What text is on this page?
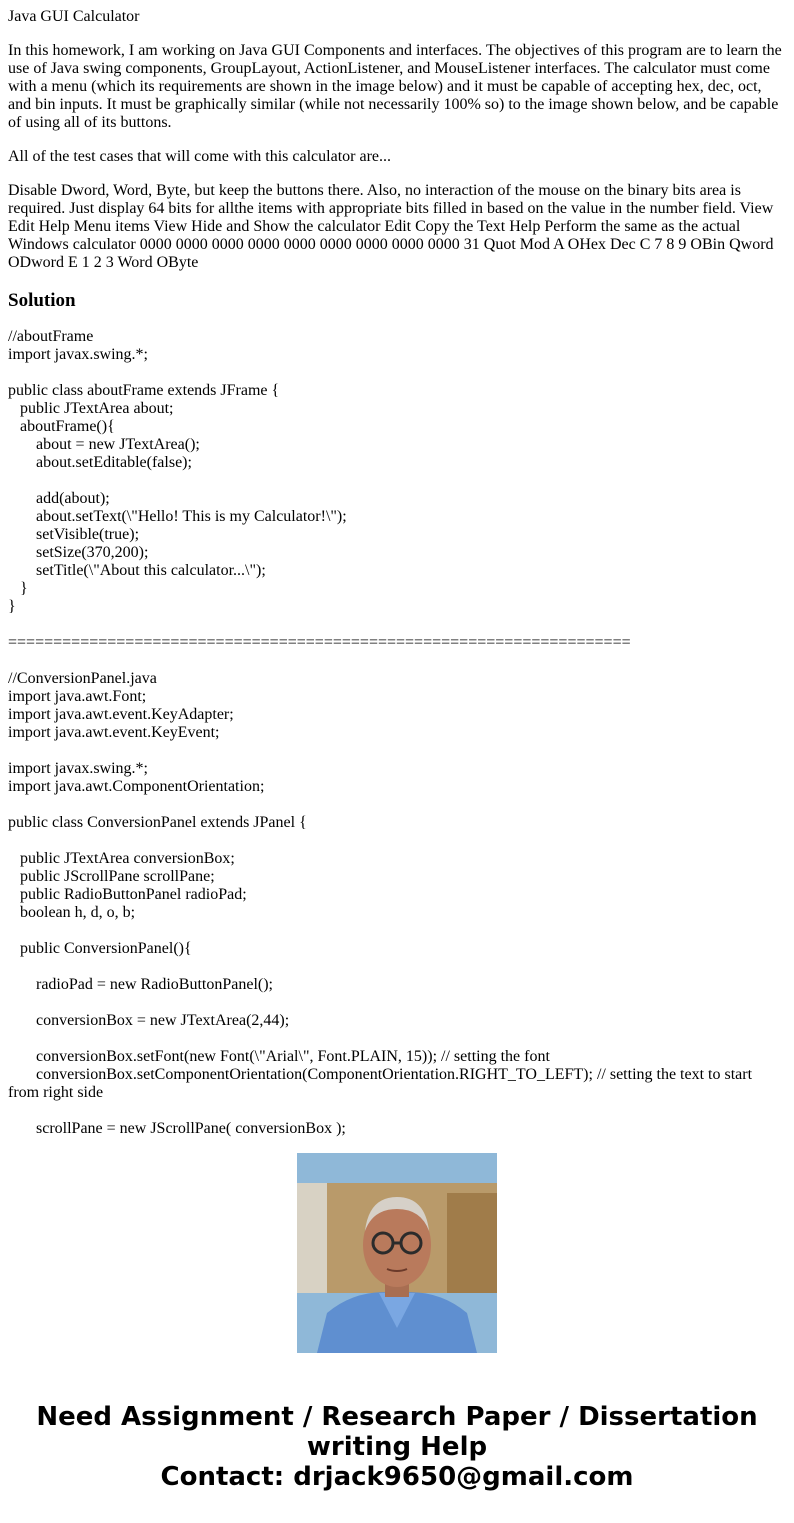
Java GUI Calculator

In this homework, I am working on Java GUI Components and interfaces. The objectives of this program are to learn the use of Java swing components, GroupLayout, ActionListener, and MouseListener interfaces. The calculator must come with a menu (which its requirements are shown in the image below) and it must be capable of accepting hex, dec, oct, and bin inputs. It must be graphically similar (while not necessarily 100% so) to the image shown below, and be capable of using all of its buttons.

All of the test cases that will come with this calculator are...

Disable Dword, Word, Byte, but keep the buttons there. Also, no interaction of the mouse on the binary bits area is required. Just display 64 bits for allthe items with appropriate bits filled in based on the value in the number field. View Edit Help Menu items View Hide and Show the calculator Edit Copy the Text Help Perform the same as the actual Windows calculator 0000 0000 0000 0000 0000 0000 0000 0000 0000 31 Quot Mod A OHex Dec C 7 8 9 OBin Qword ODword E 1 2 3 Word OByte

Solution
//aboutFrame
import javax.swing.*;

public class aboutFrame extends JFrame {
public JTextArea about;
aboutFrame(){
about = new JTextArea();
about.setEditable(false);

add(about);
about.setText(\"Hello! This is my Calculator!\");
setVisible(true);
setSize(370,200);
setTitle(\"About this calculator...\");
}
}

=====================================================================

//ConversionPanel.java
import java.awt.Font;
import java.awt.event.KeyAdapter;
import java.awt.event.KeyEvent;

import javax.swing.*;
import java.awt.ComponentOrientation;

public class ConversionPanel extends JPanel {

public JTextArea conversionBox;
public JScrollPane scrollPane;
public RadioButtonPanel radioPad;
boolean h, d, o, b;

public ConversionPanel(){

radioPad = new RadioButtonPanel();

conversionBox = new JTextArea(2,44);

conversionBox.setFont(new Font(\"Arial\", Font.PLAIN, 15)); // setting the font
conversionBox.setComponentOrientation(ComponentOrientation.RIGHT_TO_LEFT); // setting the text to start from right side

scrollPane = new JScrollPane( conversionBox );
Need Assignment / Research Paper / Dissertation
writing Help
Contact: drjack9650@gmail.com
